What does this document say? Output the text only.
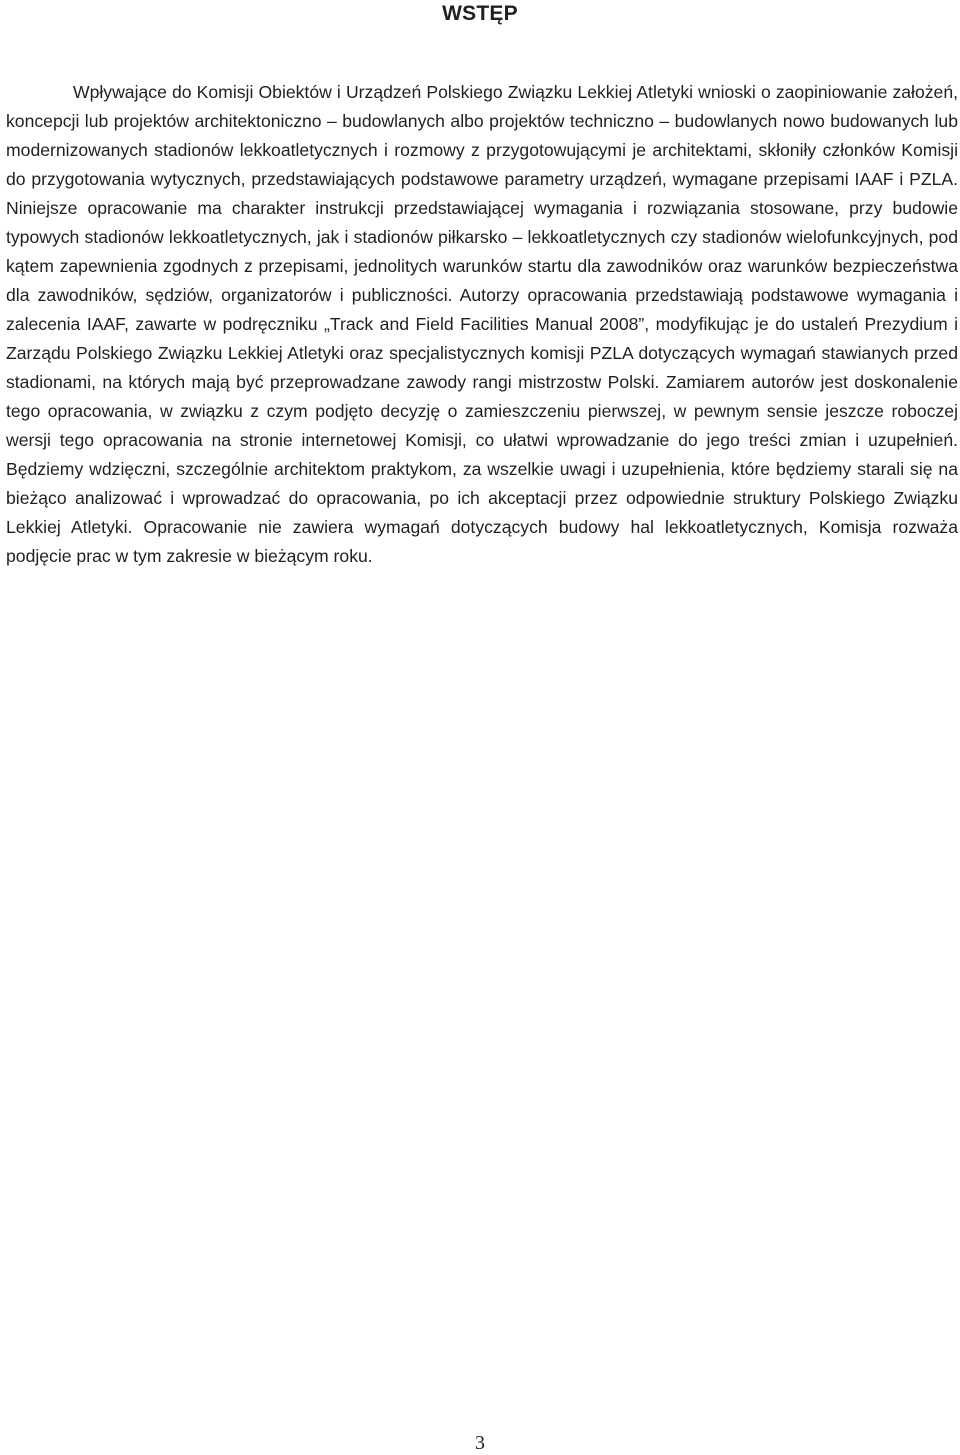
WSTĘP

Wpływające do Komisji Obiektów i Urządzeń Polskiego Związku Lekkiej Atletyki wnioski o zaopiniowanie założeń, koncepcji lub projektów architektoniczno – budowlanych albo projektów techniczno – budowlanych nowo budowanych lub modernizowanych stadionów lekkoatletycznych i rozmowy z przygotowującymi je architektami, skłoniły członków Komisji do przygotowania wytycznych, przedstawiających podstawowe parametry urządzeń, wymagane przepisami IAAF i PZLA. Niniejsze opracowanie ma charakter instrukcji przedstawiającej wymagania i rozwiązania stosowane, przy budowie typowych stadionów lekkoatletycznych, jak i stadionów piłkarsko – lekkoatletycznych czy stadionów wielofunkcyjnych, pod kątem zapewnienia zgodnych z przepisami, jednolitych warunków startu dla zawodników oraz warunków bezpieczeństwa dla zawodników, sędziów, organizatorów i publiczności. Autorzy opracowania przedstawiają podstawowe wymagania i zalecenia IAAF, zawarte w podręczniku „Track and Field Facilities Manual 2008”, modyfikując je do ustaleń Prezydium i Zarządu Polskiego Związku Lekkiej Atletyki oraz specjalistycznych komisji PZLA dotyczących wymagań stawianych przed stadionami, na których mają być przeprowadzane zawody rangi mistrzostw Polski. Zamiarem autorów jest doskonalenie tego opracowania, w związku z czym podjęto decyzję o zamieszczeniu pierwszej, w pewnym sensie jeszcze roboczej wersji tego opracowania na stronie internetowej Komisji, co ułatwi wprowadzanie do jego treści zmian i uzupełnień. Będziemy wdzięczni, szczególnie architektom praktykom, za wszelkie uwagi i uzupełnienia, które będziemy starali się na bieżąco analizować i wprowadzać do opracowania, po ich akceptacji przez odpowiednie struktury Polskiego Związku Lekkiej Atletyki. Opracowanie nie zawiera wymagań dotyczących budowy hal lekkoatletycznych, Komisja rozważa podjęcie prac w tym zakresie w bieżącym roku.

3
